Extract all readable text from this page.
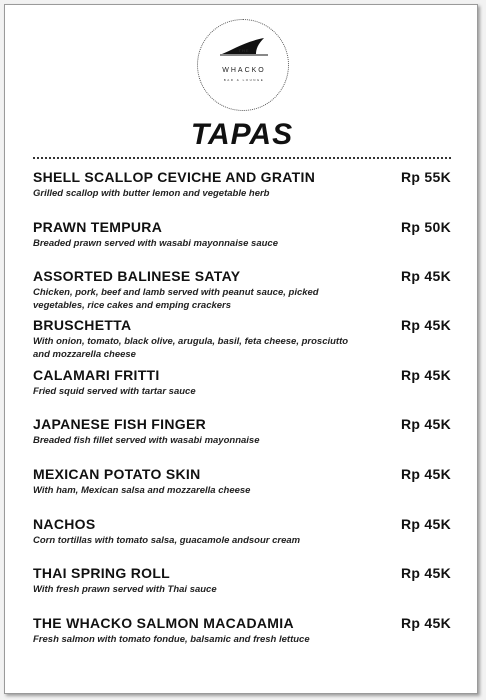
THE
WHACKO
BAR & LOUNGE
TAPAS
SHELL SCALLOP CEVICHE AND GRATIN	Rp 55K
Grilled scallop with butter lemon and vegetable herb
PRAWN TEMPURA	Rp 50K
Breaded prawn served with wasabi mayonnaise sauce
ASSORTED BALINESE SATAY	Rp 45K
Chicken, pork, beef and lamb served with peanut sauce, picked vegetables, rice cakes and emping crackers
BRUSCHETTA	Rp 45K
With onion, tomato, black olive, arugula, basil, feta cheese, prosciutto and mozzarella cheese
CALAMARI FRITTI	Rp 45K
Fried squid served with tartar sauce
JAPANESE FISH FINGER	Rp 45K
Breaded fish fillet served with wasabi mayonnaise
MEXICAN POTATO SKIN	Rp 45K
With ham, Mexican salsa and mozzarella cheese
NACHOS	Rp 45K
Corn tortillas with tomato salsa, guacamole andsour cream
THAI SPRING ROLL	Rp 45K
With fresh prawn served with Thai sauce
THE WHACKO SALMON MACADAMIA	Rp 45K
Fresh salmon with tomato fondue, balsamic and fresh lettuce
